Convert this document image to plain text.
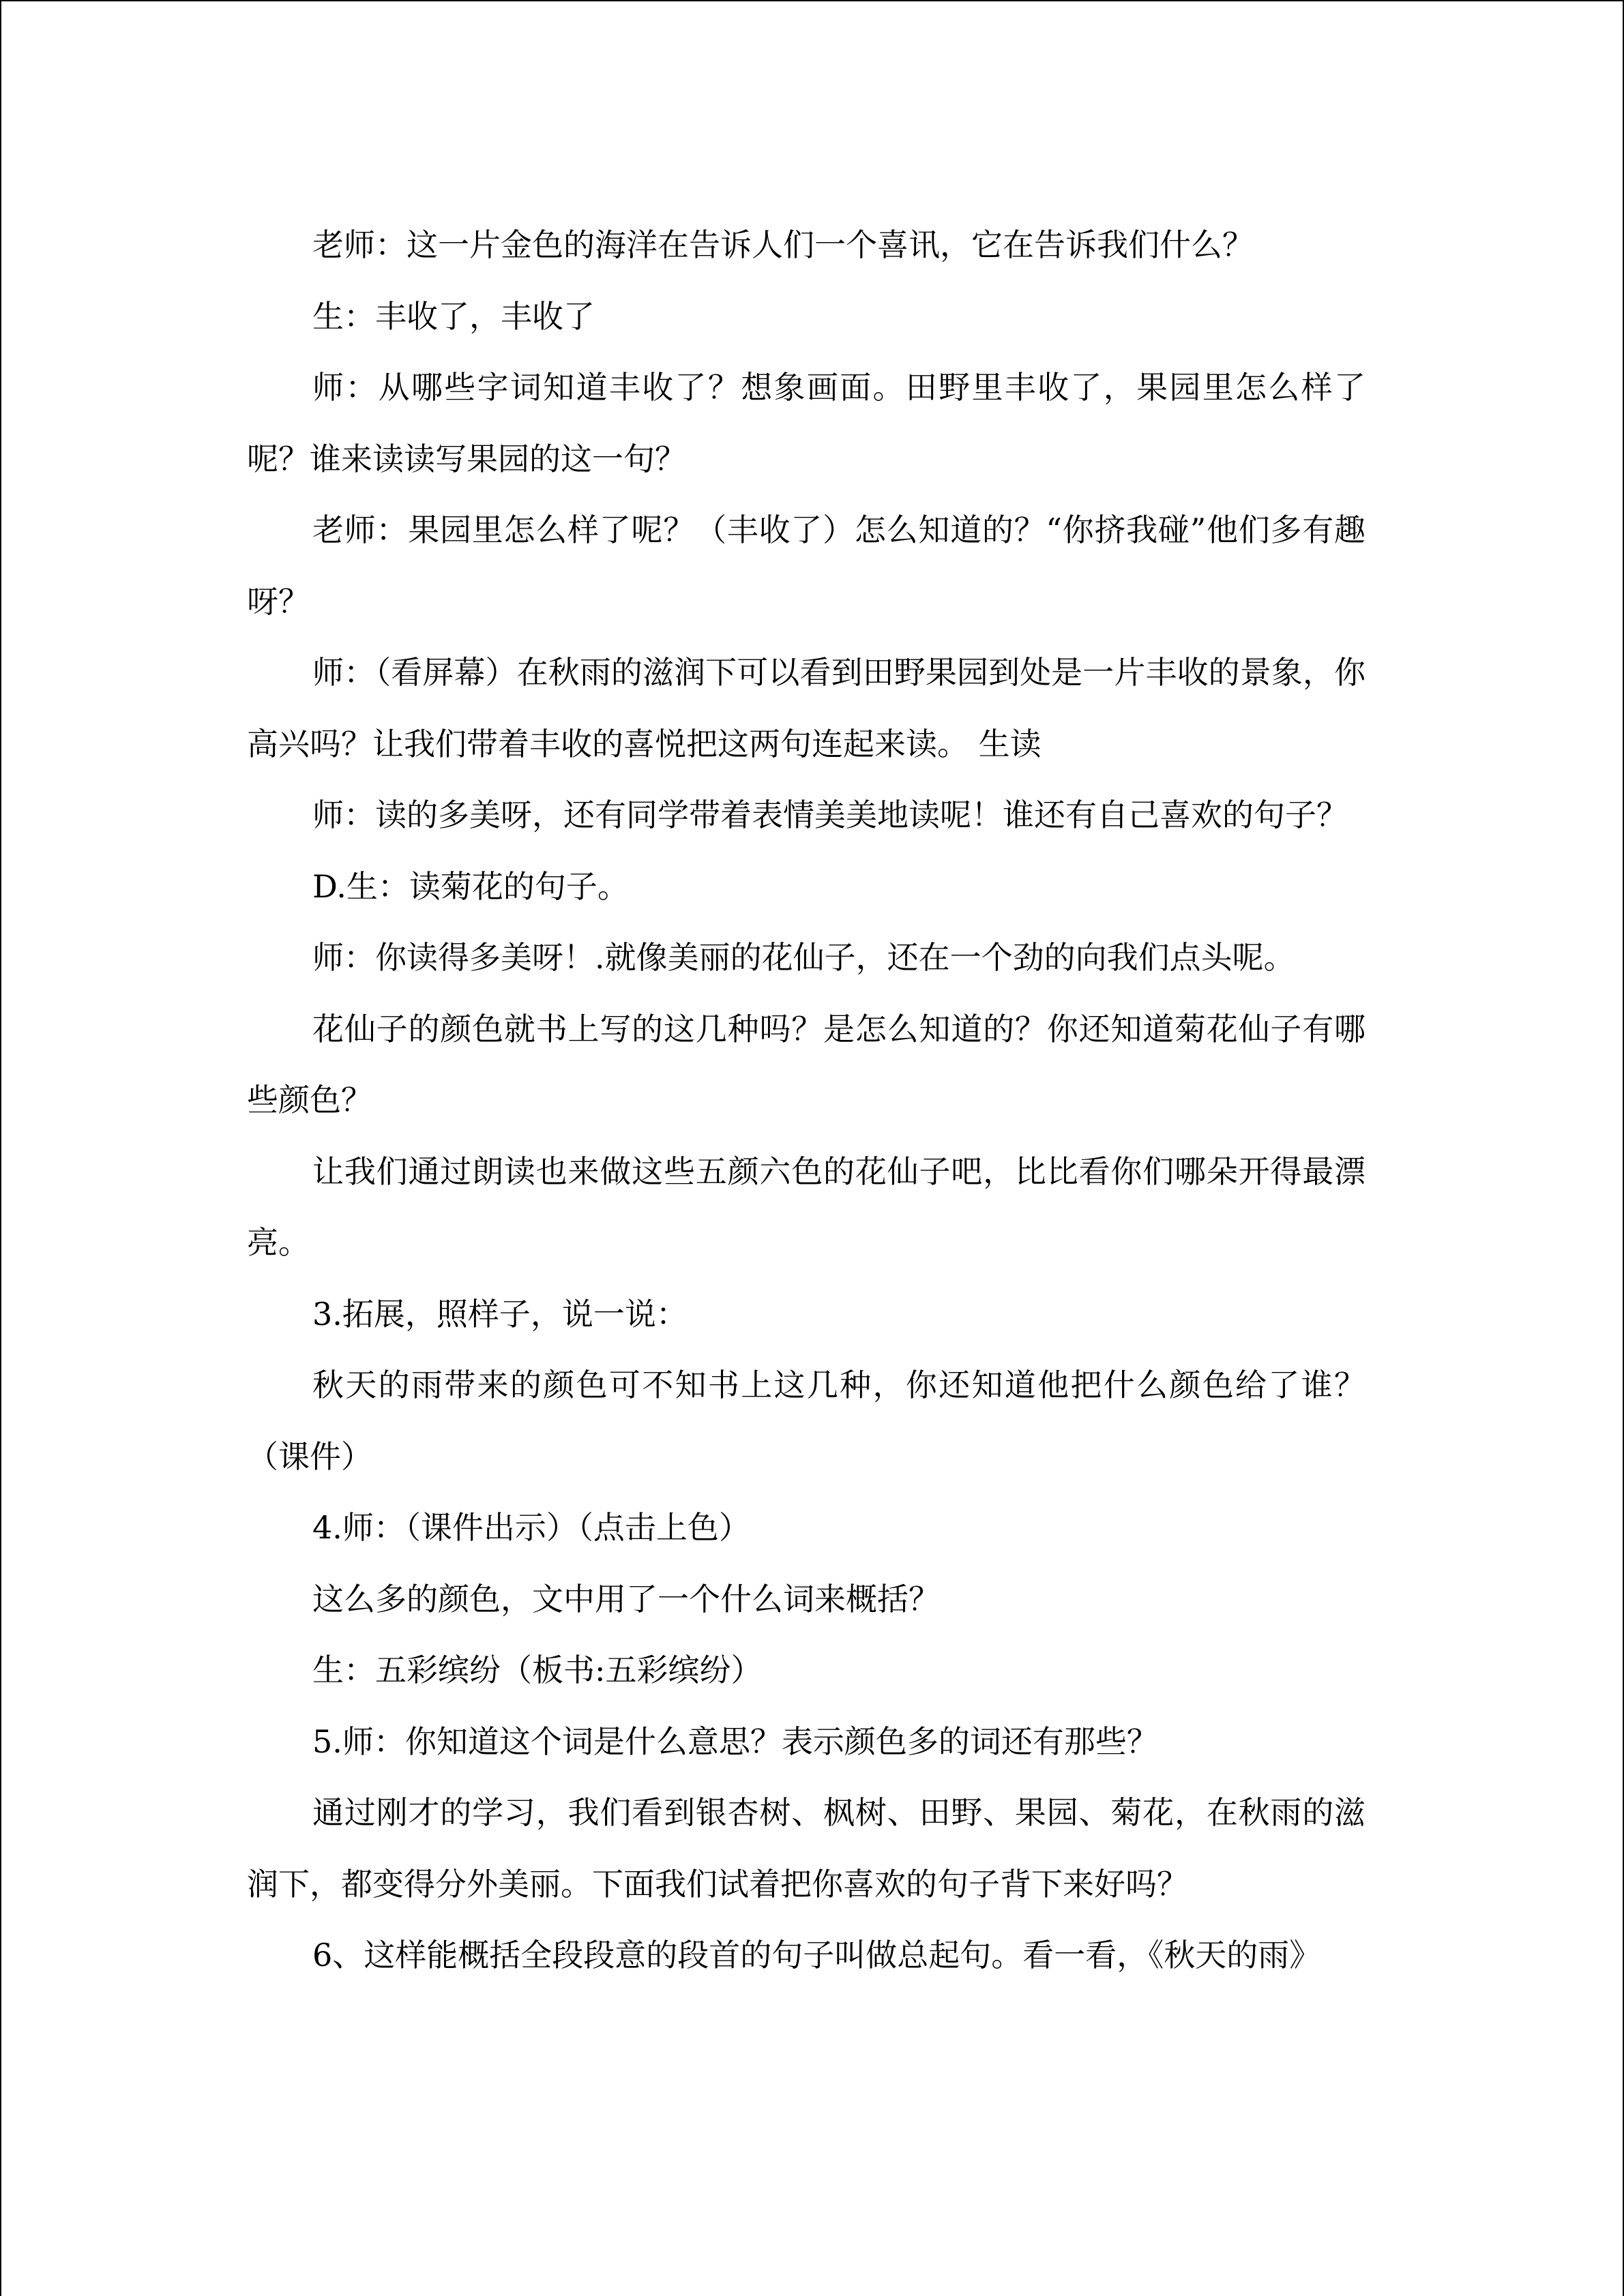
老师：这一片金色的海洋在告诉人们一个喜讯，它在告诉我们什么？

生：丰收了，丰收了

师：从哪些字词知道丰收了？想象画面。田野里丰收了，果园里怎么样了呢？谁来读读写果园的这一句？

老师：果园里怎么样了呢？（丰收了）怎么知道的？“你挤我碰”他们多有趣呀？

师：（看屏幕）在秋雨的滋润下可以看到田野果园到处是一片丰收的景象，你高兴吗？让我们带着丰收的喜悦把这两句连起来读。 生读

师：读的多美呀，还有同学带着表情美美地读呢！谁还有自己喜欢的句子？

D.生：读菊花的句子。

师：你读得多美呀！.就像美丽的花仙子，还在一个劲的向我们点头呢。

花仙子的颜色就书上写的这几种吗？是怎么知道的？你还知道菊花仙子有哪些颜色？

让我们通过朗读也来做这些五颜六色的花仙子吧，比比看你们哪朵开得最漂亮。

3.拓展，照样子，说一说：

秋天的雨带来的颜色可不知书上这几种，你还知道他把什么颜色给了谁？（课件）

4.师：（课件出示）（点击上色）

这么多的颜色，文中用了一个什么词来概括？

生：五彩缤纷（板书:五彩缤纷）

5.师：你知道这个词是什么意思？表示颜色多的词还有那些？

通过刚才的学习，我们看到银杏树、枫树、田野、果园、菊花，在秋雨的滋润下，都变得分外美丽。下面我们试着把你喜欢的句子背下来好吗？

6、这样能概括全段段意的段首的句子叫做总起句。看一看，《秋天的雨》
